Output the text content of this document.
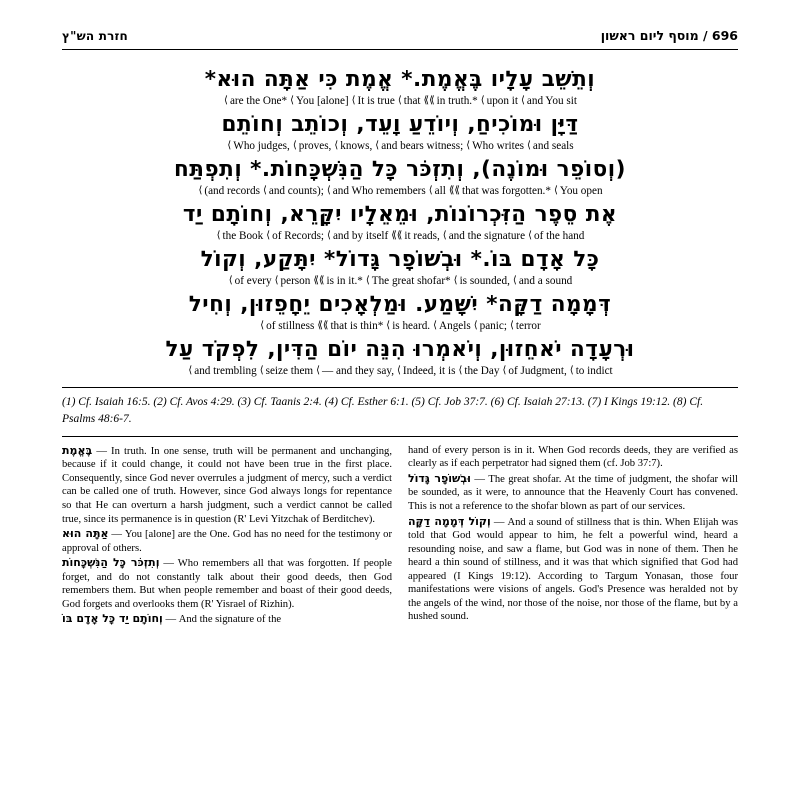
חזרת הש"ץ	696 / מוסף ליום ראשון
וְתֵשֵׁב עָלָיו בֶּאֱמֶת.* אֱמֶת כִּי אַתָּה הוּא*
⟨ and You sit
⟨ upon it
⟪⟪ in truth.*
⟨ that
⟨ It is true
⟨ You [alone]
⟨ are the One*
דַּיָּן וּמוֹכִיחַ, וְיוֹדֵעַ וָעֵד, וְכוֹתֵב וְחוֹתֵם
⟨ and seals
⟨ Who writes
⟨ and bears witness;
⟨ knows,
⟨ proves,
⟨ Who judges,
(וְסוֹפֵר וּמוֹנֶה), וְתִזְכֹּר כָּל הַנִּשְׁכָּחוֹת.* וְתִפְתַּח
⟨ You open
⟪⟪ that was forgotten.*
⟨ all
⟨ and Who remembers
⟨ and counts);
⟨ (and records
אֶת סֵפֶר הַזִּכְרוֹנוֹת, וּמֵאֵלָיו יִקָּרֵא, וְחוֹתָם יַד
⟨ of the hand
⟨ and the signature
⟪⟪ it reads,
⟨ and by itself
⟨ of Records;
⟨ the Book
כָּל אָדָם בּוֹ.* וּבְשׁוֹפָר גָּדוֹל* יִתָּקַע, וְקוֹל
⟨ and a sound
⟨ is sounded,
⟨ The great shofar*
⟪⟪ is in it.*
⟨ person
⟨ of every
דְּמָמָה דַקָּה* יִשָּׁמַע. וּמַלְאָכִים יֵחָפֵזוּן, וְחִיל
⟨ terror
⟨ panic;
⟨ Angels
⟨ is heard.
⟪⟪ that is thin*
⟨ of stillness
וּרְעָדָה יֹאחֵזוּן, וְיֹאמְרוּ הִנֵּה יוֹם הַדִּין, לִפְקֹד עַל
⟨ to indict
⟨ of Judgment,
⟨ the Day
⟨ Indeed, it is
⟨ — and they say,
⟨ seize them
⟨ and trembling
(1) Cf. Isaiah 16:5. (2) Cf. Avos 4:29. (3) Cf. Taanis 2:4. (4) Cf. Esther 6:1. (5) Cf. Job 37:7. (6) Cf. Isaiah 27:13. (7) I Kings 19:12. (8) Cf. Psalms 48:6-7.

בֶּאֱמֶת — In truth. In one sense, truth will be permanent and unchanging, because if it could change, it could not have been true in the first place. Consequently, since God never overrules a judgment of mercy, such a verdict can be called one of truth. However, since God always longs for repentance so that He can overturn a harsh judgment, such a verdict cannot be called true, since its permanence is in question (R' Levi Yitzchak of Berditchev).

אַתָּה הוּא — You [alone] are the One. God has no need for the testimony or approval of others.

וְתִזְכֹּר כָּל הַנִּשְׁכָּחוֹת — Who remembers all that was forgotten. If people forget, and do not constantly talk about their good deeds, then God remembers them. But when people remember and boast of their good deeds, God forgets and overlooks them (R' Yisrael of Rizhin).

וְחוֹתָם יַד כָּל אָדָם בּוֹ — And the signature of the

hand of every person is in it. When God records deeds, they are verified as clearly as if each perpetrator had signed them (cf. Job 37:7).

וּבְשׁוֹפָר גָּדוֹל — The great shofar. At the time of judgment, the shofar will be sounded, as it were, to announce that the Heavenly Court has convened. This is not a reference to the shofar blown as part of our services.

וְקוֹל דְּמָמָה דַקָּה — And a sound of stillness that is thin. When Elijah was told that God would appear to him, he felt a powerful wind, heard a resounding noise, and saw a flame, but God was in none of them. Then he heard a thin sound of stillness, and it was that which signified that God had appeared (I Kings 19:12). According to Targum Yonasan, those four manifestations were visions of angels. God's Presence was heralded not by the angels of the wind, nor those of the noise, nor those of the flame, but by a hushed sound.
